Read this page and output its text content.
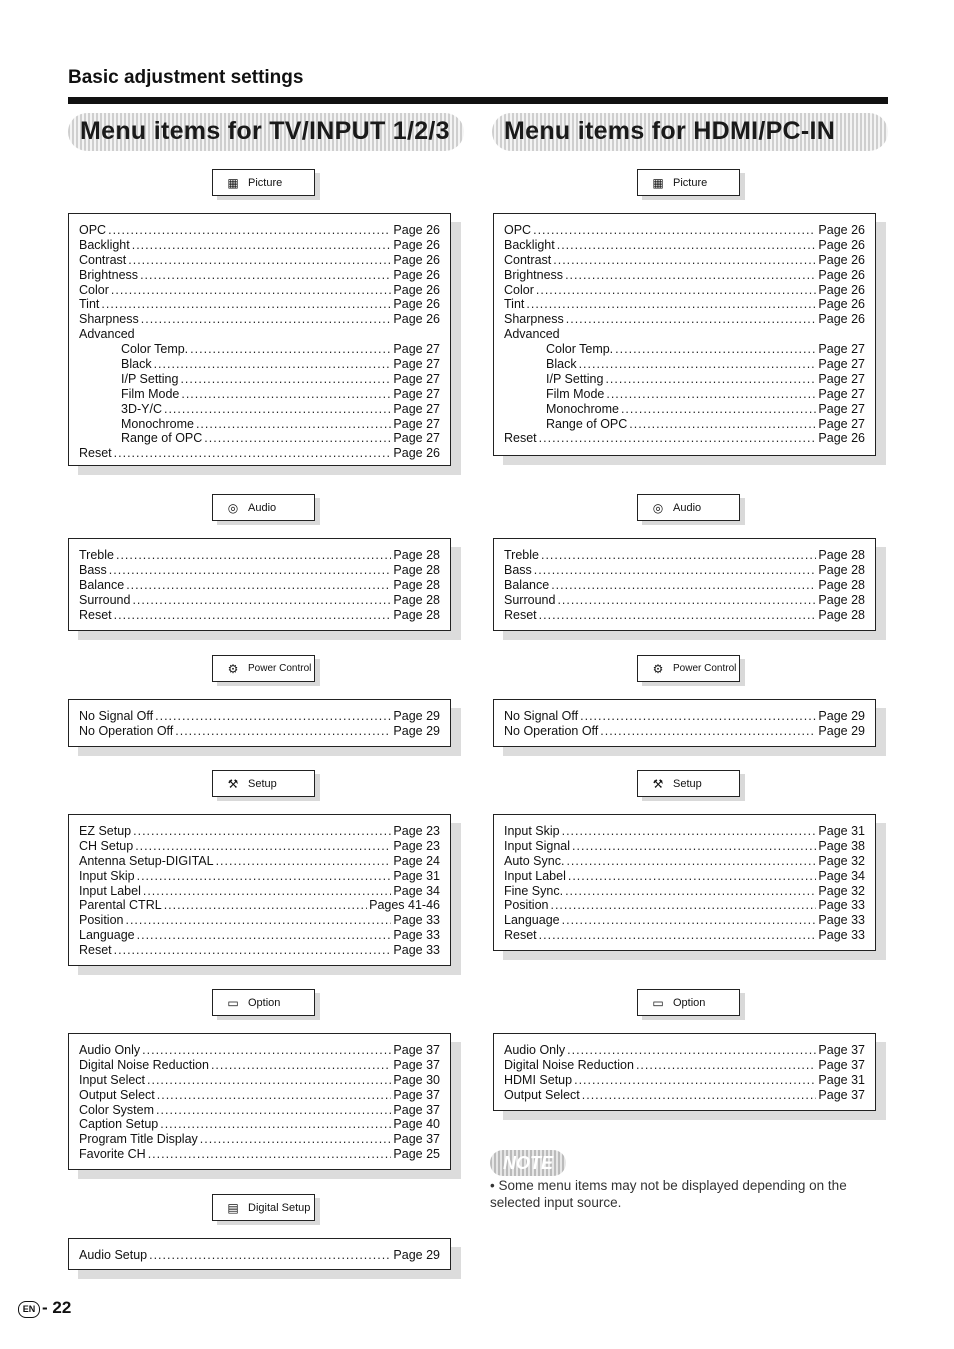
Basic adjustment settings
Menu items for TV/INPUT 1/2/3 Menu items for HDMI/PC-IN
▦ Picture
OPC .....	Page 26
Backlight .....	Page 26
Contrast .....	Page 26
Brightness .....	Page 26
Color .....	Page 26
Tint .....	Page 26
Sharpness .....	Page 26
Advanced
Color Temp. .....	Page 27
Black .....	Page 27
I/P Setting .....	Page 27
Film Mode .....	Page 27
3D-Y/C .....	Page 27
Monochrome .....	Page 27
Range of OPC .....	Page 27
Reset .....	Page 26
◎ Audio
Treble .....	Page 28
Bass .....	Page 28
Balance .....	Page 28
Surround .....	Page 28
Reset .....	Page 28
⚙ Power Control
No Signal Off .....	Page 29
No Operation Off .....	Page 29
⚒ Setup
EZ Setup .....	Page 23
CH Setup .....	Page 23
Antenna Setup-DIGITAL .....	Page 24
Input Skip .....	Page 31
Input Label .....	Page 34
Parental CTRL .....	Pages 41-46
Position .....	Page 33
Language .....	Page 33
Reset .....	Page 33
▭ Option
Audio Only .....	Page 37
Digital Noise Reduction .....	Page 37
Input Select .....	Page 30
Output Select .....	Page 37
Color System .....	Page 37
Caption Setup .....	Page 40
Program Title Display .....	Page 37
Favorite CH .....	Page 25
▤ Digital Setup
Audio Setup .....	Page 29
▦ Picture
OPC .....	Page 26
Backlight .....	Page 26
Contrast .....	Page 26
Brightness .....	Page 26
Color .....	Page 26
Tint .....	Page 26
Sharpness .....	Page 26
Advanced
Color Temp. .....	Page 27
Black .....	Page 27
I/P Setting .....	Page 27
Film Mode .....	Page 27
Monochrome .....	Page 27
Range of OPC .....	Page 27
Reset .....	Page 26
◎ Audio
Treble .....	Page 28
Bass .....	Page 28
Balance .....	Page 28
Surround .....	Page 28
Reset .....	Page 28
⚙ Power Control
No Signal Off .....	Page 29
No Operation Off .....	Page 29
⚒ Setup
Input Skip .....	Page 31
Input Signal .....	Page 38
Auto Sync. .....	Page 32
Input Label .....	Page 34
Fine Sync. .....	Page 32
Position .....	Page 33
Language .....	Page 33
Reset .....	Page 33
▭ Option
Audio Only .....	Page 37
Digital Noise Reduction .....	Page 37
HDMI Setup .....	Page 31
Output Select .....	Page 37
NOTE
• Some menu items may not be displayed depending on the selected input source.
EN - 22
